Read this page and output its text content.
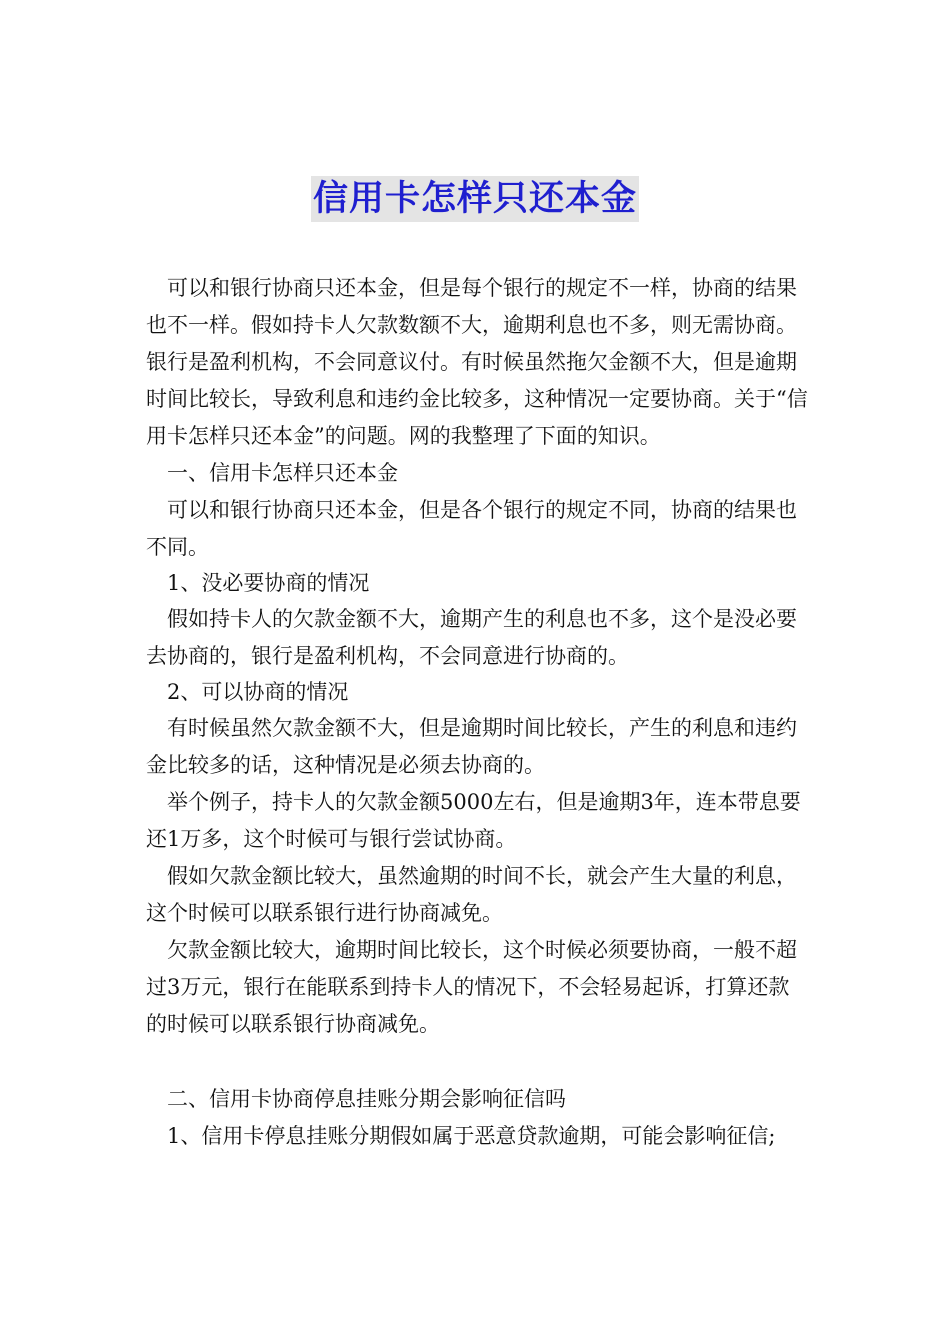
信用卡怎样只还本金

可以和银行协商只还本金，但是每个银行的规定不一样，协商的结果也不一样。假如持卡人欠款数额不大，逾期利息也不多，则无需协商。银行是盈利机构，不会同意议付。有时候虽然拖欠金额不大，但是逾期时间比较长，导致利息和违约金比较多，这种情况一定要协商。关于“信用卡怎样只还本金”的问题。网的我整理了下面的知识。

一、信用卡怎样只还本金

可以和银行协商只还本金，但是各个银行的规定不同，协商的结果也不同。

1、没必要协商的情况

假如持卡人的欠款金额不大，逾期产生的利息也不多，这个是没必要去协商的，银行是盈利机构，不会同意进行协商的。

2、可以协商的情况

有时候虽然欠款金额不大，但是逾期时间比较长，产生的利息和违约金比较多的话，这种情况是必须去协商的。

举个例子，持卡人的欠款金额5000左右，但是逾期3年，连本带息要还1万多，这个时候可与银行尝试协商。

假如欠款金额比较大，虽然逾期的时间不长，就会产生大量的利息，这个时候可以联系银行进行协商减免。

欠款金额比较大，逾期时间比较长，这个时候必须要协商，一般不超过3万元，银行在能联系到持卡人的情况下，不会轻易起诉，打算还款的时候可以联系银行协商减免。

二、信用卡协商停息挂账分期会影响征信吗

1、信用卡停息挂账分期假如属于恶意贷款逾期，可能会影响征信;
